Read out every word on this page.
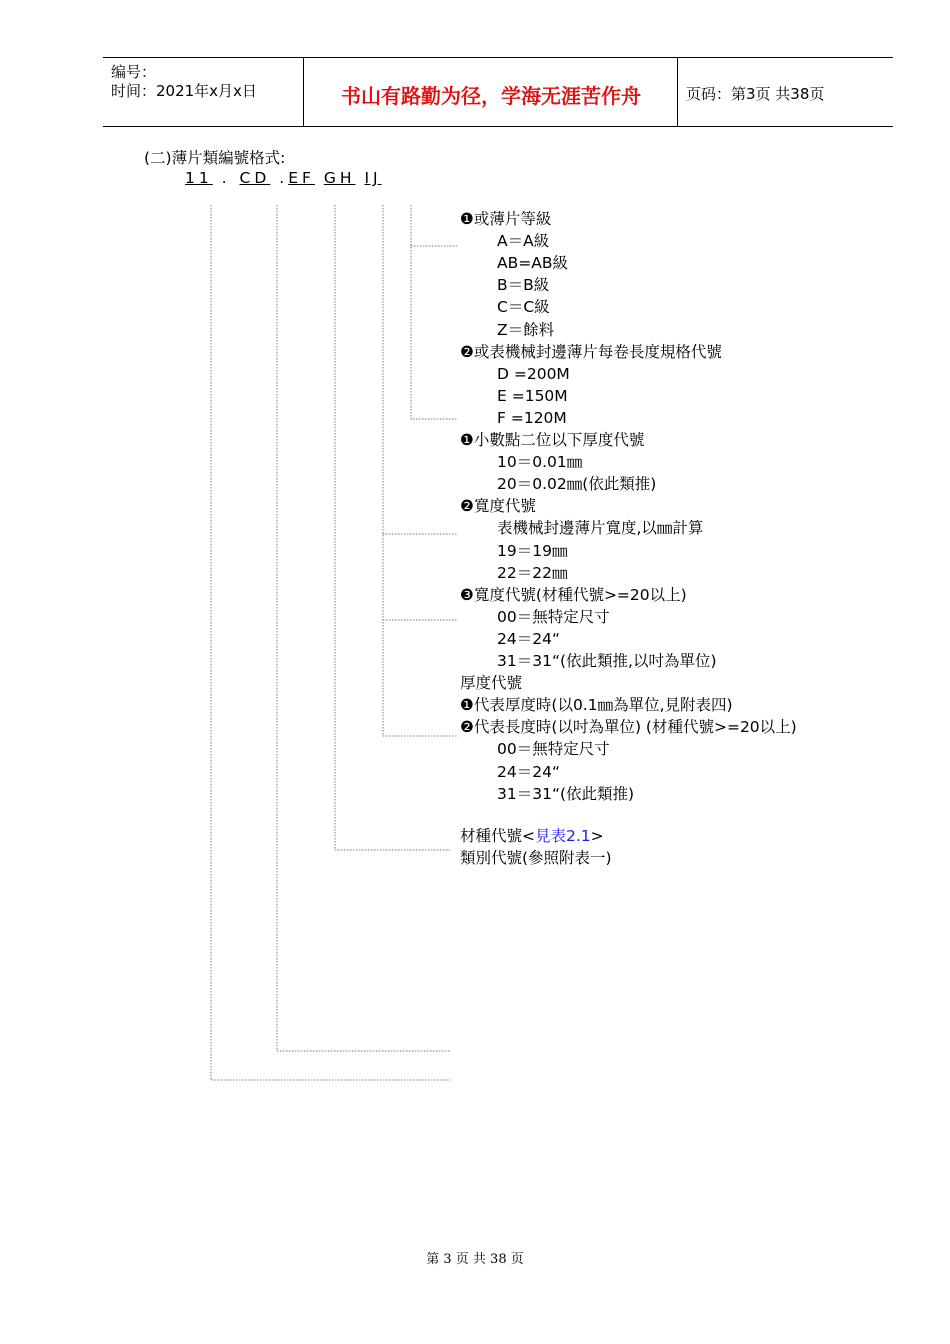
编号：
时间：2021年x月x日	书山有路勤为径，学海无涯苦作舟	页码：第3页 共38页
(二)薄片類編號格式:
11 . CD .EF GH IJ
❶或薄片等級
A＝A級
AB=AB級
B＝B級
C＝C級
Z＝餘料
❷或表機械封邊薄片每卷長度規格代號
D =200M
E =150M
F =120M
❶小數點二位以下厚度代號
10＝0.01㎜
20＝0.02㎜(依此類推)
❷寬度代號
表機械封邊薄片寬度,以㎜計算
19＝19㎜
22＝22㎜
❸寬度代號(材種代號>=20以上)
00＝無特定尺寸
24＝24“
31＝31“(依此類推,以吋為單位)
厚度代號
❶代表厚度時(以0.1㎜為單位,見附表四)
❷代表長度時(以吋為單位) (材種代號>=20以上)
00＝無特定尺寸
24＝24“
31＝31“(依此類推)
材種代號<見表2.1>
類別代號(參照附表一)
第 3 页 共 38 页
